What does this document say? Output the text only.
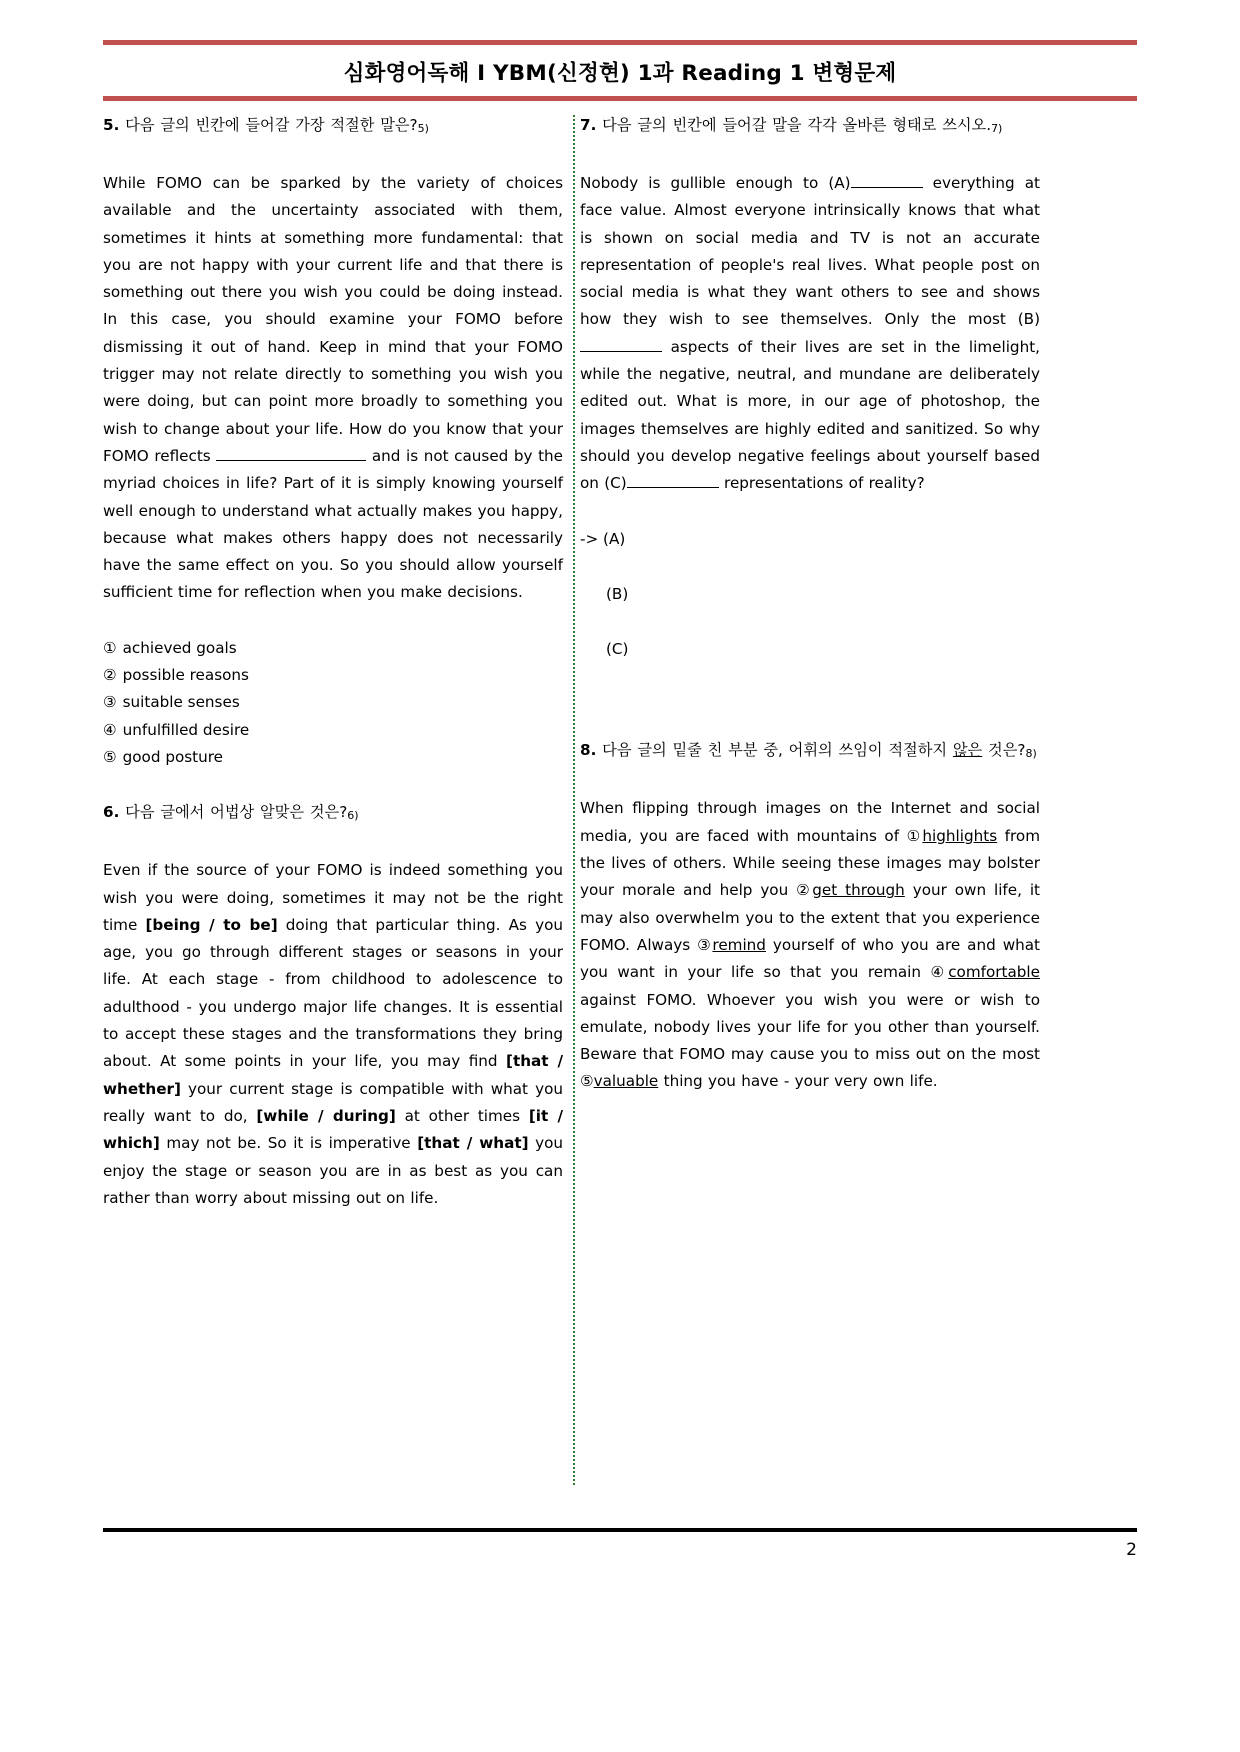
심화영어독해 I YBM(신정현) 1과 Reading 1 변형문제
5. 다음 글의 빈칸에 들어갈 가장 적절한 말은?5)
While FOMO can be sparked by the variety of choices available and the uncertainty associated with them, sometimes it hints at something more fundamental: that you are not happy with your current life and that there is something out there you wish you could be doing instead. In this case, you should examine your FOMO before dismissing it out of hand. Keep in mind that your FOMO trigger may not relate directly to something you wish you were doing, but can point more broadly to something you wish to change about your life. How do you know that your FOMO reflects	and is not caused by the myriad choices in life? Part of it is simply knowing yourself well enough to understand what actually makes you happy, because what makes others happy does not necessarily have the same effect on you. So you should allow yourself sufficient time for reflection when you make decisions.
① achieved goals
② possible reasons
③ suitable senses
④ unfulfilled desire
⑤ good posture
6. 다음 글에서 어법상 알맞은 것은?6)
Even if the source of your FOMO is indeed something you wish you were doing, sometimes it may not be the right time [being / to be] doing that particular thing. As you age, you go through different stages or seasons in your life. At each stage - from childhood to adolescence to adulthood - you undergo major life changes. It is essential to accept these stages and the transformations they bring about. At some points in your life, you may find [that / whether] your current stage is compatible with what you really want to do, [while / during] at other times [it / which] may not be. So it is imperative [that / what] you enjoy the stage or season you are in as best as you can rather than worry about missing out on life.
7. 다음 글의 빈칸에 들어갈 말을 각각 올바른 형태로 쓰시오.7)
Nobody is gullible enough to (A)	everything at face value. Almost everyone intrinsically knows that what is shown on social media and TV is not an accurate representation of people's real lives. What people post on social media is what they want others to see and shows how they wish to see themselves. Only the most (B) aspects of their lives are set in the limelight, while the negative, neutral, and mundane are deliberately edited out. What is more, in our age of photoshop, the images themselves are highly edited and sanitized. So why should you develop negative feelings about yourself based on (C)	representations of reality?
-> (A)
(B)
(C)
8. 다음 글의 밑줄 친 부분 중, 어휘의 쓰임이 적절하지 않은 것은?8)
When flipping through images on the Internet and social media, you are faced with mountains of ①highlights from the lives of others. While seeing these images may bolster your morale and help you ②get through your own life, it may also overwhelm you to the extent that you experience FOMO. Always ③remind yourself of who you are and what you want in your life so that you remain ④comfortable against FOMO. Whoever you wish you were or wish to emulate, nobody lives your life for you other than yourself. Beware that FOMO may cause you to miss out on the most ⑤valuable thing you have - your very own life.
2
